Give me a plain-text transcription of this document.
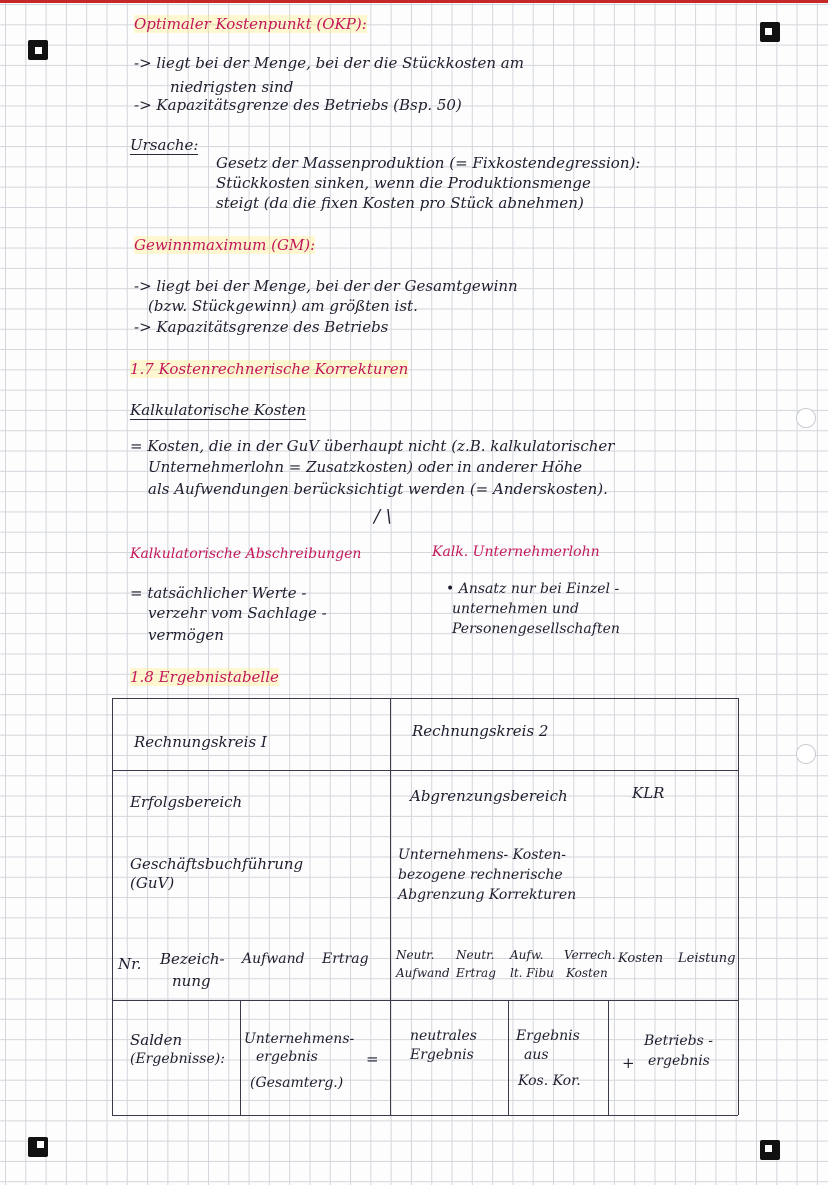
Optimaler Kostenpunkt (OKP):
-> liegt bei der Menge, bei der die Stückkosten am
niedrigsten sind
-> Kapazitätsgrenze des Betriebs (Bsp. 50)
Ursache:
Gesetz der Massenproduktion (= Fixkostendegression):
Stückkosten sinken, wenn die Produktionsmenge
steigt (da die fixen Kosten pro Stück abnehmen)
Gewinnmaximum (GM):
-> liegt bei der Menge, bei der der Gesamtgewinn
(bzw. Stückgewinn) am größten ist.
-> Kapazitätsgrenze des Betriebs
1.7 Kostenrechnerische Korrekturen
Kalkulatorische Kosten
= Kosten, die in der GuV überhaupt nicht (z.B. kalkulatorischer
Unternehmerlohn = Zusatzkosten) oder in anderer Höhe
als Aufwendungen berücksichtigt werden (= Anderskosten).
/ \
Kalkulatorische Abschreibungen
= tatsächlicher Werte -
verzehr vom Sachlage -
vermögen
Kalk. Unternehmerlohn
• Ansatz nur bei Einzel -
unternehmen und
Personengesellschaften
1.8 Ergebnistabelle
Rechnungskreis I
Rechnungskreis 2
Erfolgsbereich	Abgrenzungsbereich	KLR
Geschäftsbuchführung
(GuV)
Unternehmens- Kosten-
bezogene rechnerische
Abgrenzung Korrekturen
Nr. Bezeich-
nung
Aufwand Ertrag Neutr.
Aufwand
Neutr.
Ertrag
Aufw.
lt. Fibu
Verrech.
Kosten
Kosten Leistung
Salden
(Ergebnisse):
Unternehmens-
ergebnis
(Gesamterg.)
=
neutrales
Ergebnis
Ergebnis
aus
Kos. Kor.
+
Betriebs -
ergebnis
